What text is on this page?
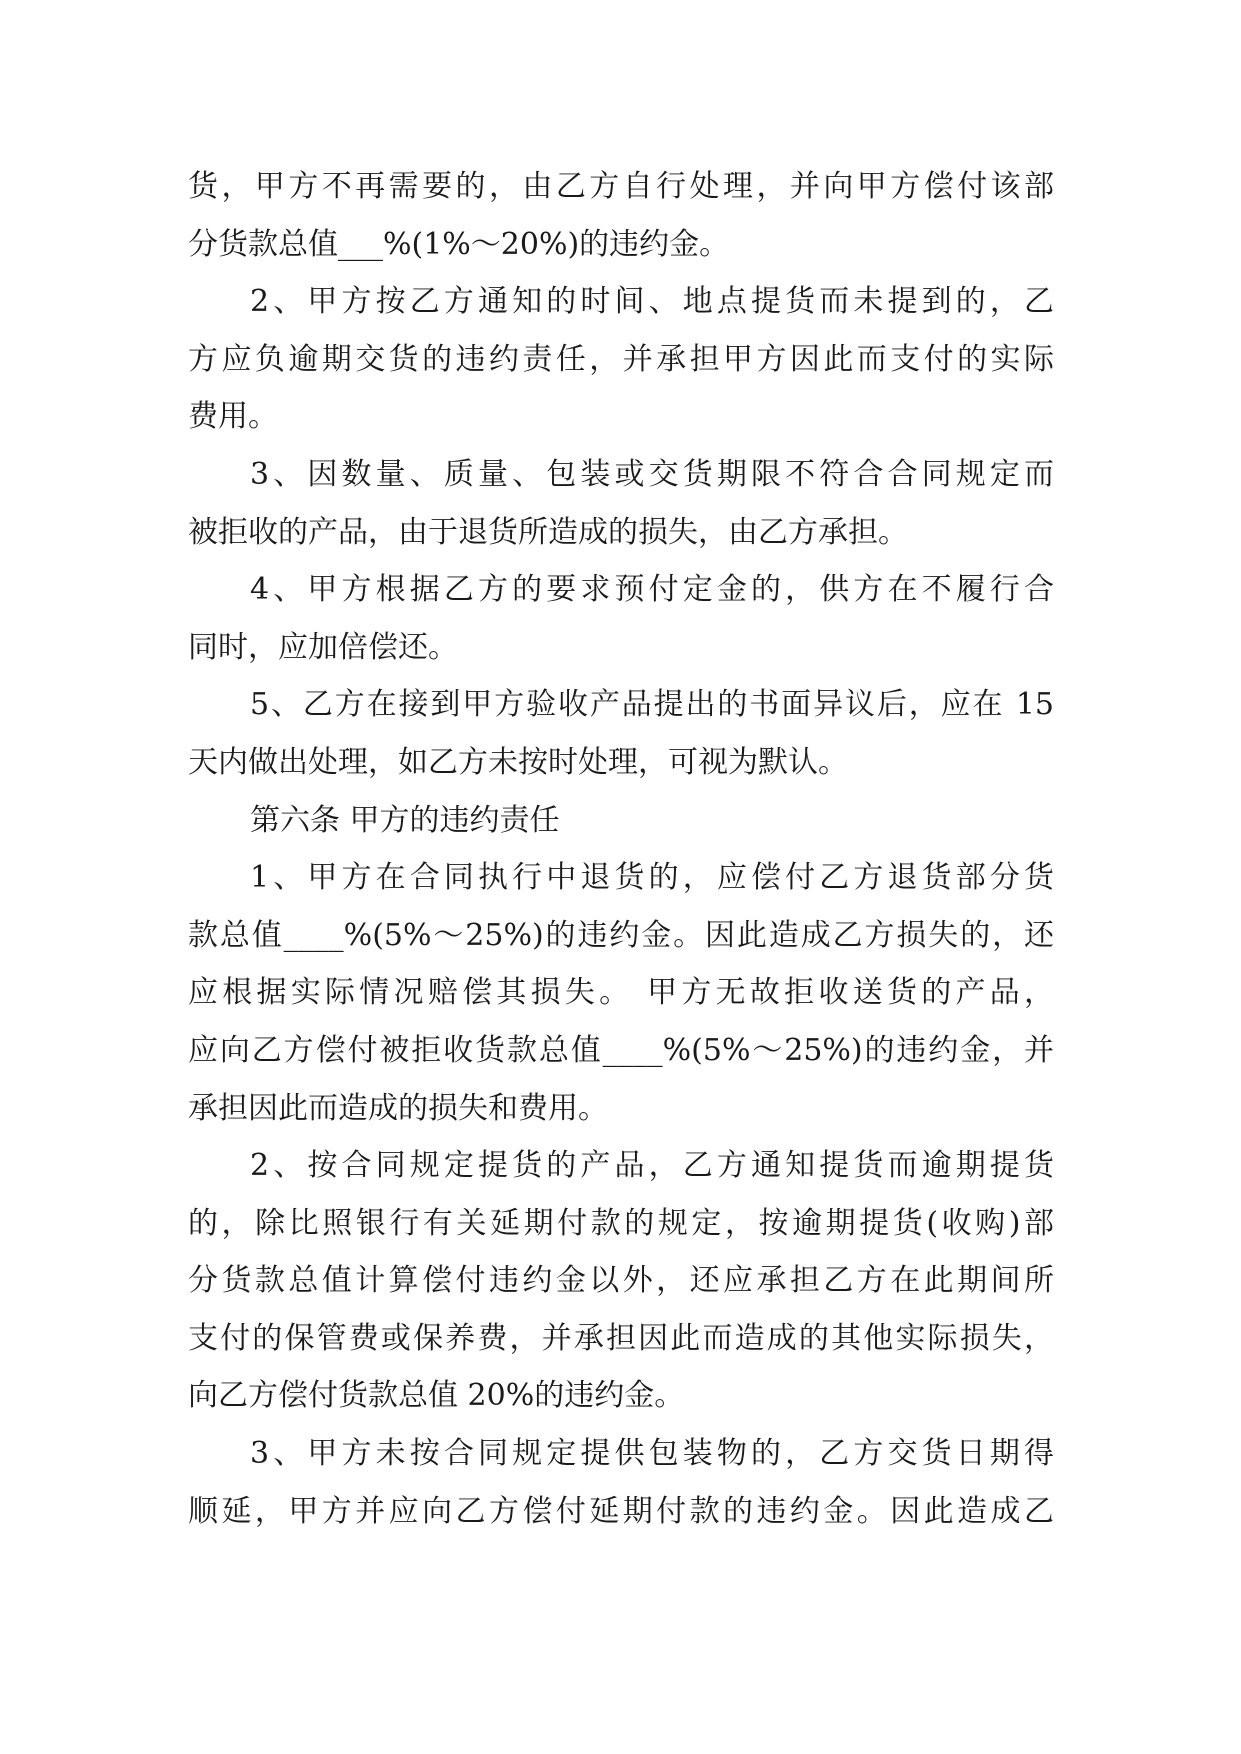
货，甲方不再需要的，由乙方自行处理，并向甲方偿付该部
分货款总值___%(1%～20%)的违约金。
2、甲方按乙方通知的时间、地点提货而未提到的，乙
方应负逾期交货的违约责任，并承担甲方因此而支付的实际
费用。
3、因数量、质量、包装或交货期限不符合合同规定而
被拒收的产品，由于退货所造成的损失，由乙方承担。
4、甲方根据乙方的要求预付定金的，供方在不履行合
同时，应加倍偿还。
5、乙方在接到甲方验收产品提出的书面异议后，应在 15
天内做出处理，如乙方未按时处理，可视为默认。
第六条 甲方的违约责任
1、甲方在合同执行中退货的，应偿付乙方退货部分货
款总值____%(5%～25%)的违约金。因此造成乙方损失的，还
应根据实际情况赔偿其损失。 甲方无故拒收送货的产品，
应向乙方偿付被拒收货款总值____%(5%～25%)的违约金，并
承担因此而造成的损失和费用。
2、按合同规定提货的产品，乙方通知提货而逾期提货
的，除比照银行有关延期付款的规定，按逾期提货(收购)部
分货款总值计算偿付违约金以外，还应承担乙方在此期间所
支付的保管费或保养费，并承担因此而造成的其他实际损失，
向乙方偿付货款总值 20%的违约金。
3、甲方未按合同规定提供包装物的，乙方交货日期得
顺延，甲方并应向乙方偿付延期付款的违约金。因此造成乙
